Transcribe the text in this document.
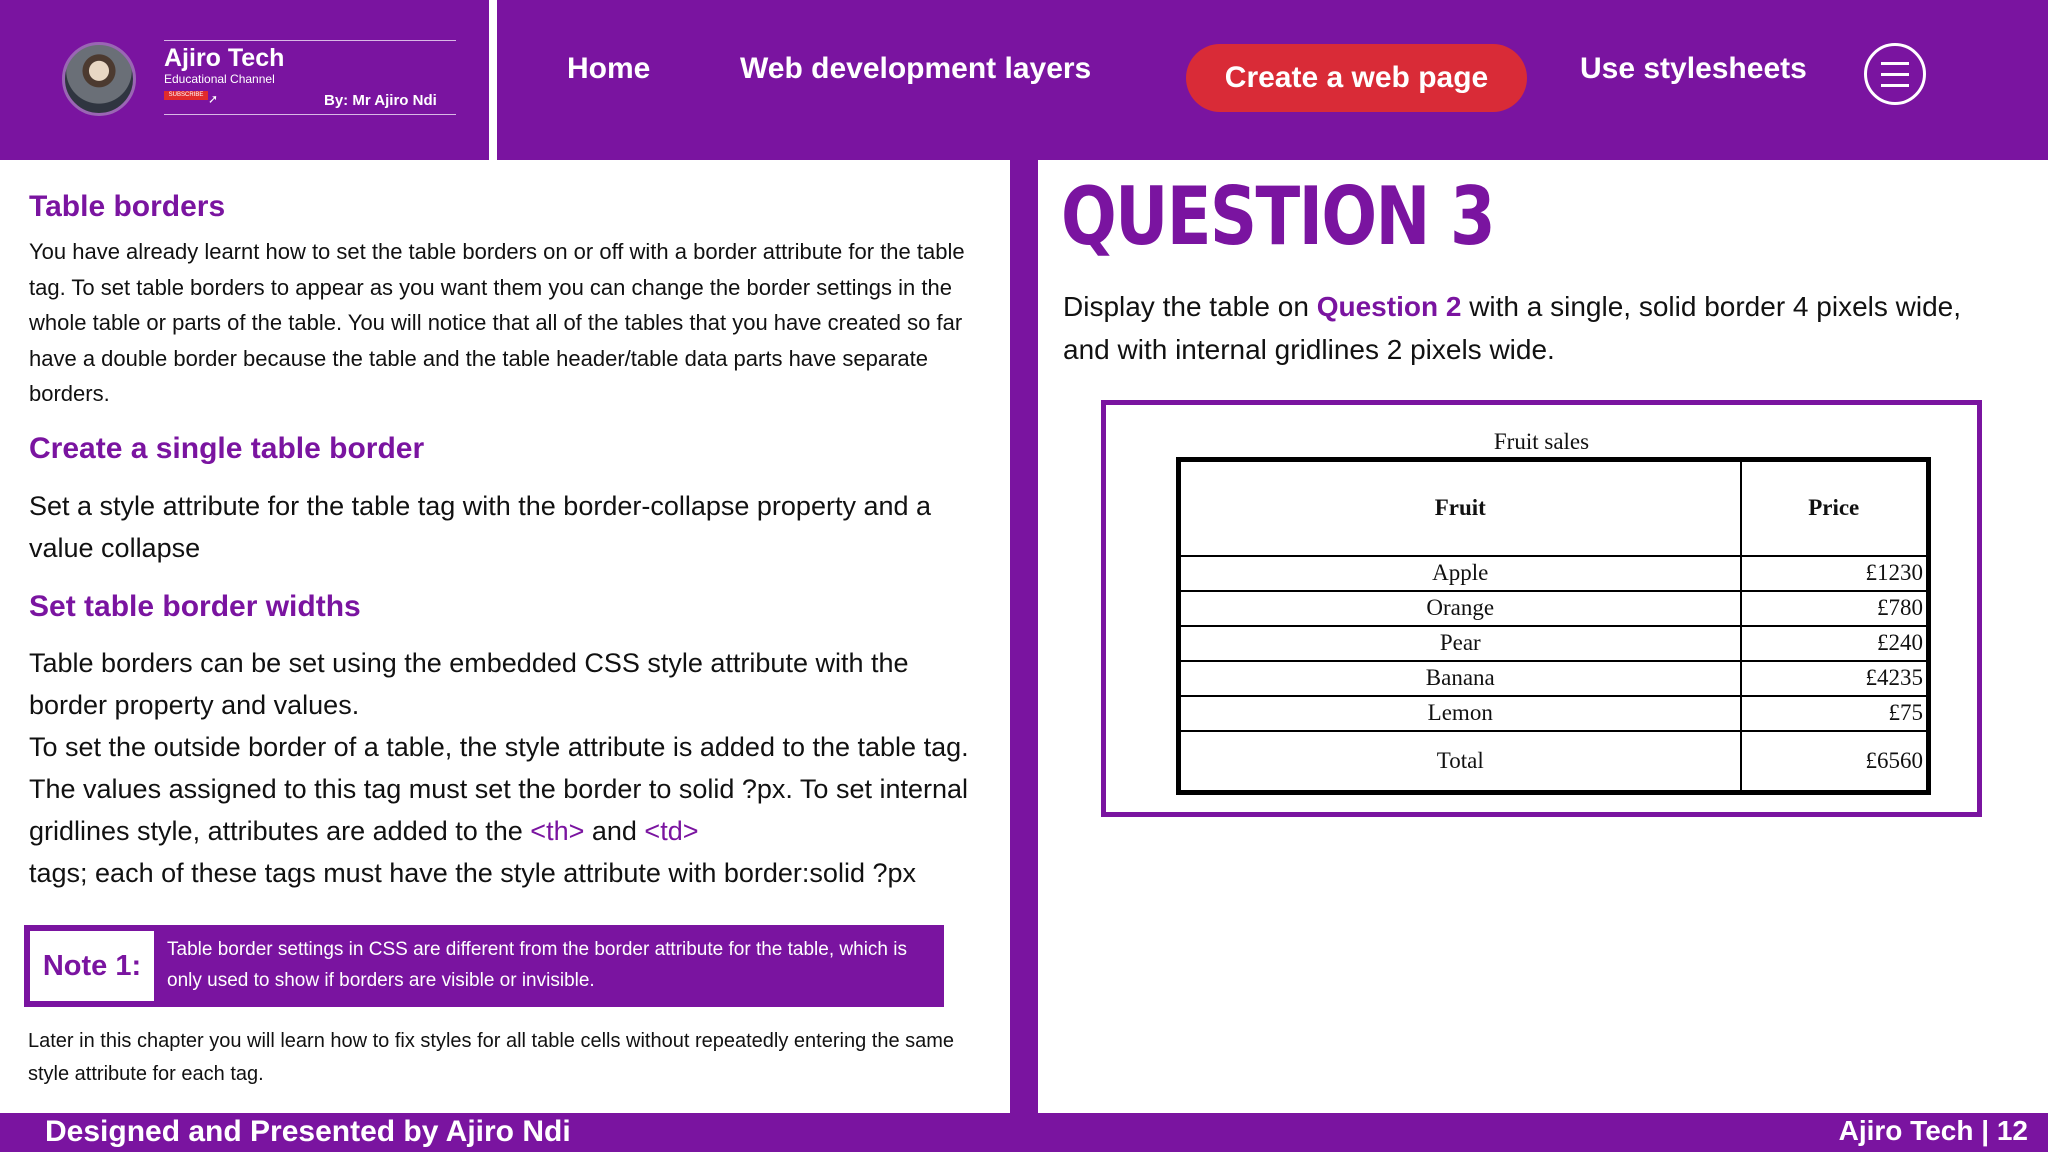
Ajiro Tech
Educational Channel
SUBSCRIBE ➚	By: Mr Ajiro Ndi
Home	Web development layers	Create a web page	Use stylesheets
Table borders
You have already learnt how to set the table borders on or off with a border attribute for the table tag. To set table borders to appear as you want them you can change the border settings in the whole table or parts of the table. You will notice that all of the tables that you have created so far have a double border because the table and the table header/table data parts have separate borders.
Create a single table border
Set a style attribute for the table tag with the border-collapse property and a value collapse
Set table border widths
Table borders can be set using the embedded CSS style attribute with the border property and values.
To set the outside border of a table, the style attribute is added to the table tag. The values assigned to this tag must set the border to solid ?px. To set internal gridlines style, attributes are added to the <th> and <td>
tags; each of these tags must have the style attribute with border:solid ?px
Note 1:
Table border settings in CSS are different from the border attribute for the table, which is only used to show if borders are visible or invisible.
Later in this chapter you will learn how to fix styles for all table cells without repeatedly entering the same style attribute for each tag.
QUESTION 3
Display the table on Question 2 with a single, solid border 4 pixels wide, and with internal gridlines 2 pixels wide.
Fruit sales
Fruit	Price
Apple	£1230
Orange	£780
Pear	£240
Banana	£4235
Lemon	£75
Total	£6560
Designed and Presented by Ajiro Ndi	Ajiro Tech | 12
